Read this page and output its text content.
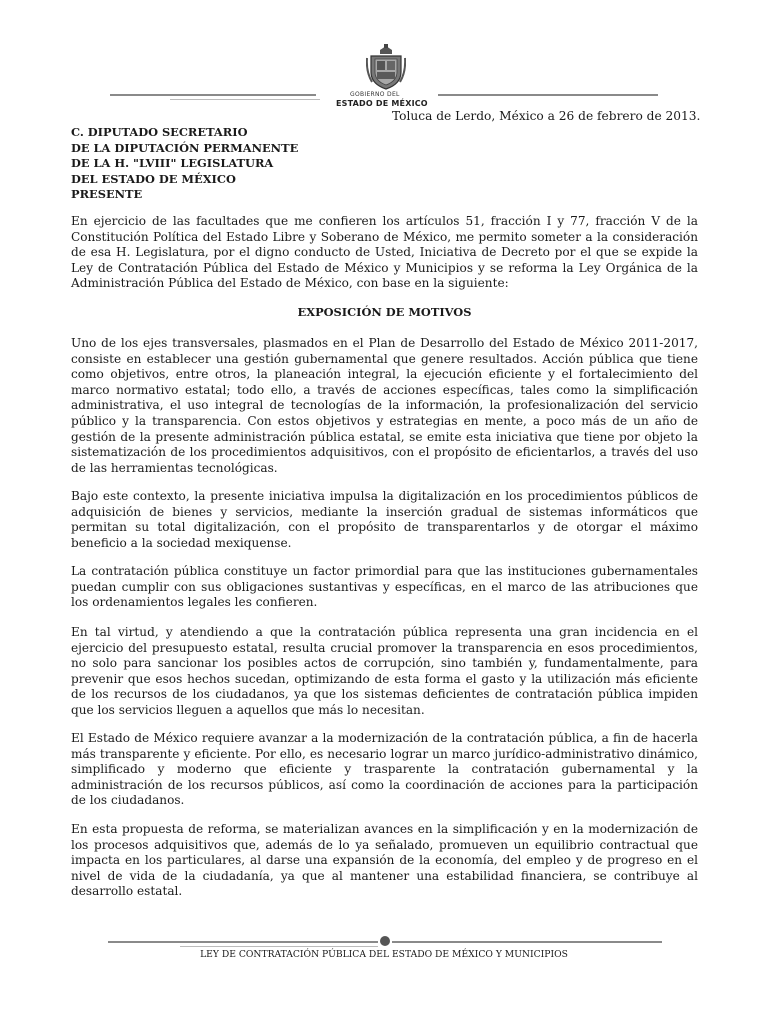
GOBIERNO DEL
ESTADO DE MÉXICO
Toluca de Lerdo, México a 26 de febrero de 2013.
C. DIPUTADO SECRETARIO
DE LA DIPUTACIÓN PERMANENTE
DE LA H. "LVIII" LEGISLATURA
DEL ESTADO DE MÉXICO
PRESENTE

En ejercicio de las facultades que me confieren los artículos 51, fracción I y 77, fracción V de la Constitución Política del Estado Libre y Soberano de México, me permito someter a la consideración de esa H. Legislatura, por el digno conducto de Usted, Iniciativa de Decreto por el que se expide la Ley de Contratación Pública del Estado de México y Municipios y se reforma la Ley Orgánica de la Administración Pública del Estado de México, con base en la siguiente:

EXPOSICIÓN DE MOTIVOS

Uno de los ejes transversales, plasmados en el Plan de Desarrollo del Estado de México 2011-2017, consiste en establecer una gestión gubernamental que genere resultados. Acción pública que tiene como objetivos, entre otros, la planeación integral, la ejecución eficiente y el fortalecimiento del marco normativo estatal; todo ello, a través de acciones específicas, tales como la simplificación administrativa, el uso integral de tecnologías de la información, la profesionalización del servicio público y la transparencia. Con estos objetivos y estrategias en mente, a poco más de un año de gestión de la presente administración pública estatal, se emite esta iniciativa que tiene por objeto la sistematización de los procedimientos adquisitivos, con el propósito de eficientarlos, a través del uso de las herramientas tecnológicas.

Bajo este contexto, la presente iniciativa impulsa la digitalización en los procedimientos públicos de adquisición de bienes y servicios, mediante la inserción gradual de sistemas informáticos que permitan su total digitalización, con el propósito de transparentarlos y de otorgar el máximo beneficio a la sociedad mexiquense.

La contratación pública constituye un factor primordial para que las instituciones gubernamentales puedan cumplir con sus obligaciones sustantivas y específicas, en el marco de las atribuciones que los ordenamientos legales les confieren.

En tal virtud, y atendiendo a que la contratación pública representa una gran incidencia en el ejercicio del presupuesto estatal, resulta crucial promover la transparencia en esos procedimientos, no solo para sancionar los posibles actos de corrupción, sino también y, fundamentalmente, para prevenir que esos hechos sucedan, optimizando de esta forma el gasto y la utilización más eficiente de los recursos de los ciudadanos, ya que los sistemas deficientes de contratación pública impiden que los servicios lleguen a aquellos que más lo necesitan.

El Estado de México requiere avanzar a la modernización de la contratación pública, a fin de hacerla más transparente y eficiente. Por ello, es necesario lograr un marco jurídico-administrativo dinámico, simplificado y moderno que eficiente y trasparente la contratación gubernamental y la administración de los recursos públicos, así como la coordinación de acciones para la participación de los ciudadanos.

En esta propuesta de reforma, se materializan avances en la simplificación y en la modernización de los procesos adquisitivos que, además de lo ya señalado, promueven un equilibrio contractual que impacta en los particulares, al darse una expansión de la economía, del empleo y de progreso en el nivel de vida de la ciudadanía, ya que al mantener una estabilidad financiera, se contribuye al desarrollo estatal.

LEY DE CONTRATACIÓN PÚBLICA DEL ESTADO DE MÉXICO Y MUNICIPIOS
